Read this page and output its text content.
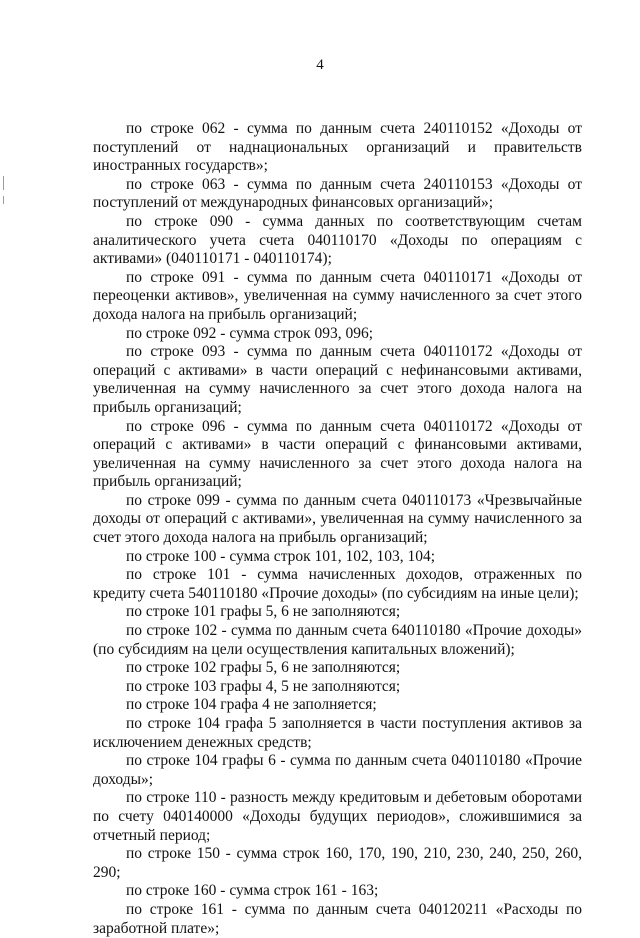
4

по строке 062 - сумма по данным счета 240110152 «Доходы от поступлений от наднациональных организаций и правительств иностранных государств»;

по строке 063 - сумма по данным счета 240110153 «Доходы от поступлений от международных финансовых организаций»;

по строке 090 - сумма данных по соответствующим счетам аналитического учета счета 040110170 «Доходы по операциям с активами» (040110171 - 040110174);

по строке 091 - сумма по данным счета 040110171 «Доходы от переоценки активов», увеличенная на сумму начисленного за счет этого дохода налога на прибыль организаций;

по строке 092 - сумма строк 093, 096;

по строке 093 - сумма по данным счета 040110172 «Доходы от операций с активами» в части операций с нефинансовыми активами, увеличенная на сумму начисленного за счет этого дохода налога на прибыль организаций;

по строке 096 - сумма по данным счета 040110172 «Доходы от операций с активами» в части операций с финансовыми активами, увеличенная на сумму начисленного за счет этого дохода налога на прибыль организаций;

по строке 099 - сумма по данным счета 040110173 «Чрезвычайные доходы от операций с активами», увеличенная на сумму начисленного за счет этого дохода налога на прибыль организаций;

по строке 100 - сумма строк 101, 102, 103, 104;

по строке 101 - сумма начисленных доходов, отраженных по кредиту счета 540110180 «Прочие доходы» (по субсидиям на иные цели);

по строке 101 графы 5, 6 не заполняются;

по строке 102 - сумма по данным счета 640110180 «Прочие доходы» (по субсидиям на цели осуществления капитальных вложений);

по строке 102 графы 5, 6 не заполняются;

по строке 103 графы 4, 5 не заполняются;

по строке 104 графа 4 не заполняется;

по строке 104 графа 5 заполняется в части поступления активов за исключением денежных средств;

по строке 104 графы 6 - сумма по данным счета 040110180 «Прочие доходы»;

по строке 110 - разность между кредитовым и дебетовым оборотами по счету 040140000 «Доходы будущих периодов», сложившимися за отчетный период;

по строке 150 - сумма строк 160, 170, 190, 210, 230, 240, 250, 260, 290;

по строке 160 - сумма строк 161 - 163;

по строке 161 - сумма по данным счета 040120211 «Расходы по заработной плате»;
